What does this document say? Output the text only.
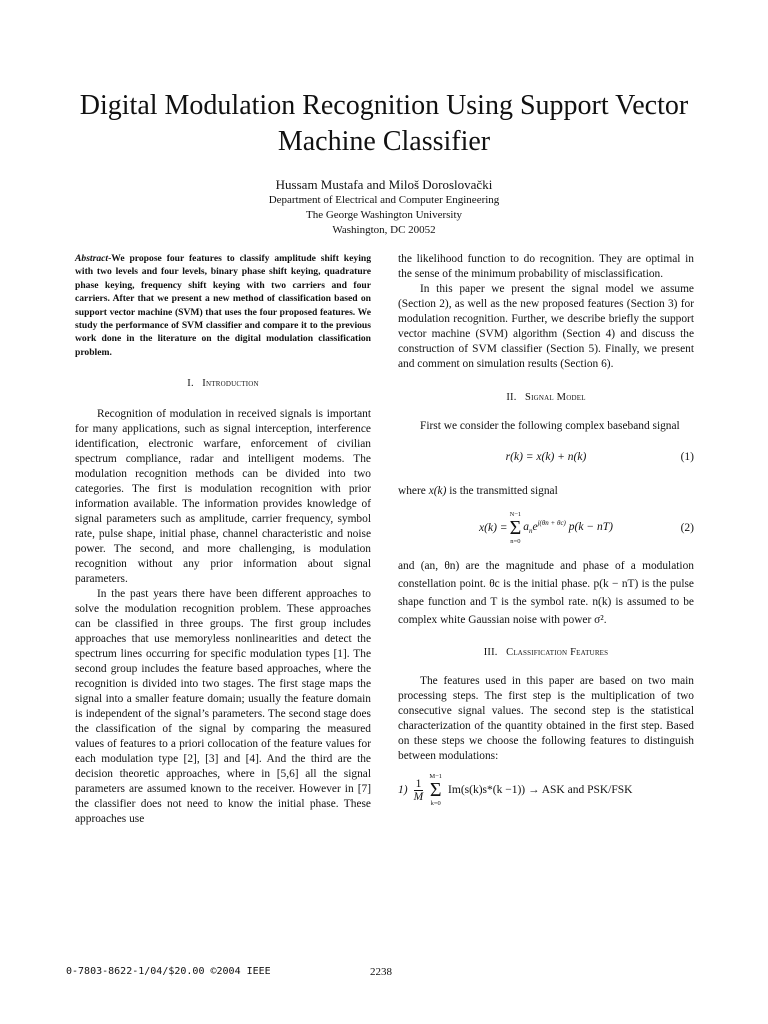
Digital Modulation Recognition Using Support Vector Machine Classifier
Hussam Mustafa and Miloš Doroslovački
Department of Electrical and Computer Engineering
The George Washington University
Washington, DC 20052

Abstract-We propose four features to classify amplitude shift keying with two levels and four levels, binary phase shift keying, quadrature phase keying, frequency shift keying with two carriers and four carriers. After that we present a new method of classification based on support vector machine (SVM) that uses the four proposed features. We study the performance of SVM classifier and compare it to the previous work done in the literature on the digital modulation classification problem.

I. Introduction

Recognition of modulation in received signals is important for many applications, such as signal interception, interference identification, electronic warfare, enforcement of civilian spectrum compliance, radar and intelligent modems. The modulation recognition methods can be divided into two categories. The first is modulation recognition with prior information available. The information provides knowledge of signal parameters such as amplitude, carrier frequency, symbol rate, pulse shape, initial phase, channel characteristic and noise power. The second, and more challenging, is modulation recognition without any prior information about signal parameters.

In the past years there have been different approaches to solve the modulation recognition problem. These approaches can be classified in three groups. The first group includes approaches that use memoryless nonlinearities and detect the spectrum lines occurring for specific modulation types [1]. The second group includes the feature based approaches, where the recognition is divided into two stages. The first stage maps the signal into a smaller feature domain; usually the feature domain is independent of the signal’s parameters. The second stage does the classification of the signal by comparing the measured values of features to a priori collocation of the feature values for each modulation type [2], [3] and [4]. And the third are the decision theoretic approaches, where in [5,6] all the signal parameters are assumed known to the receiver. However in [7] the classifier does not need to know the initial phase. These approaches use

the likelihood function to do recognition. They are optimal in the sense of the minimum probability of misclassification.

In this paper we present the signal model we assume (Section 2), as well as the new proposed features (Section 3) for modulation recognition. Further, we describe briefly the support vector machine (SVM) algorithm (Section 4) and discuss the construction of SVM classifier (Section 5). Finally, we present and comment on simulation results (Section 6).

II. Signal Model

First we consider the following complex baseband signal

r(k) = x(k) + n(k)	(1)

where x(k) is the transmitted signal

x(k) =
N−1
Σ
n=0
$a_ne^{j(\theta n + \theta c)}$ p(k − nT)	(2)

and (an, θn) are the magnitude and phase of a modulation constellation point. θc is the initial phase. p(k − nT) is the pulse shape function and T is the symbol rate. n(k) is assumed to be complex white Gaussian noise with power σ².

III. Classification Features

The features used in this paper are based on two main processing steps. The first step is the multiplication of two consecutive signal values. The second step is the statistical characterization of the quantity obtained in the first step. Based on these steps we choose the following features to distinguish between modulations:

$1) \frac{1}{M}$
M−1
Σ
k=0
Im(s(k)s*(k −1)) → ASK and PSK/FSK
0-7803-8622-1/04/$20.00 ©2004 IEEE	2238
